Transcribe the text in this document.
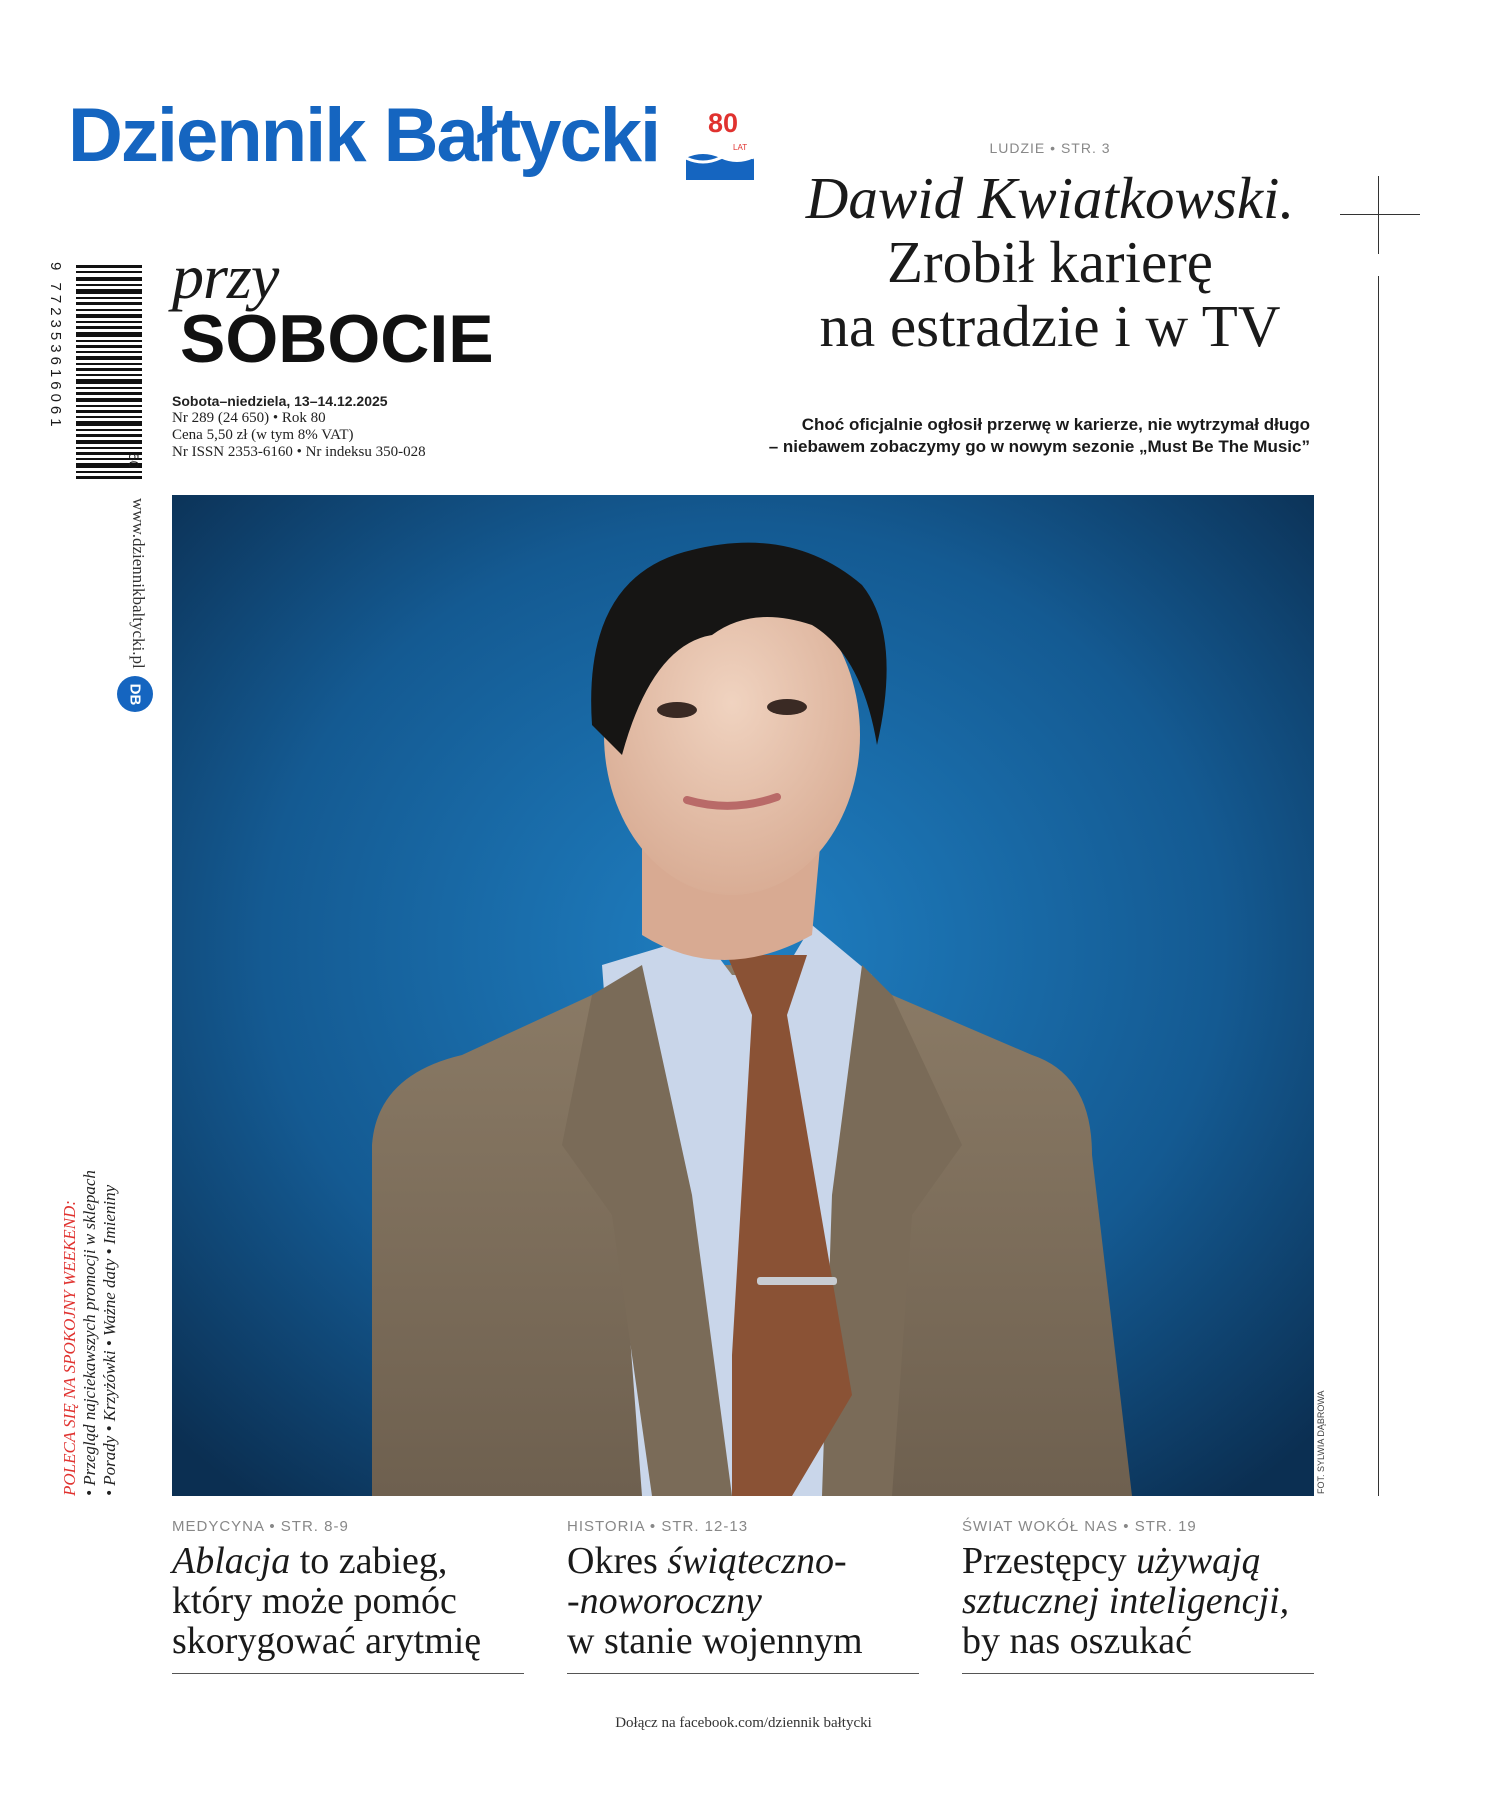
Dziennik Bałtycki 80
LAT
9 772353616061
50
www.dziennikbaltycki.pl
DB
POLECA SIĘ NA SPOKOJNY WEEKEND: • Przegląd najciekawszych promocji w sklepach • Porady • Krzyżówki • Ważne daty • Imieniny
przy
SOBOCIE
Sobota–niedziela, 13–14.12.2025
Nr 289 (24 650) • Rok 80
Cena 5,50 zł (w tym 8% VAT)
Nr ISSN 2353-6160 • Nr indeksu 350-028
LUDZIE • STR. 3
Dawid Kwiatkowski.
Zrobił karierę
na estradzie i w TV
Choć oficjalnie ogłosił przerwę w karierze, nie wytrzymał długo
– niebawem zobaczymy go w nowym sezonie „Must Be The Music”
FOT. SYLWIA DĄBROWA
MEDYCYNA • STR. 8-9
Ablacja to zabieg,
który może pomóc
skorygować arytmię
HISTORIA • STR. 12-13
Okres świąteczno-
-noworoczny
w stanie wojennym
ŚWIAT WOKÓŁ NAS • STR. 19
Przestępcy używają
sztucznej inteligencji,
by nas oszukać
Dołącz na facebook.com/dziennik bałtycki
